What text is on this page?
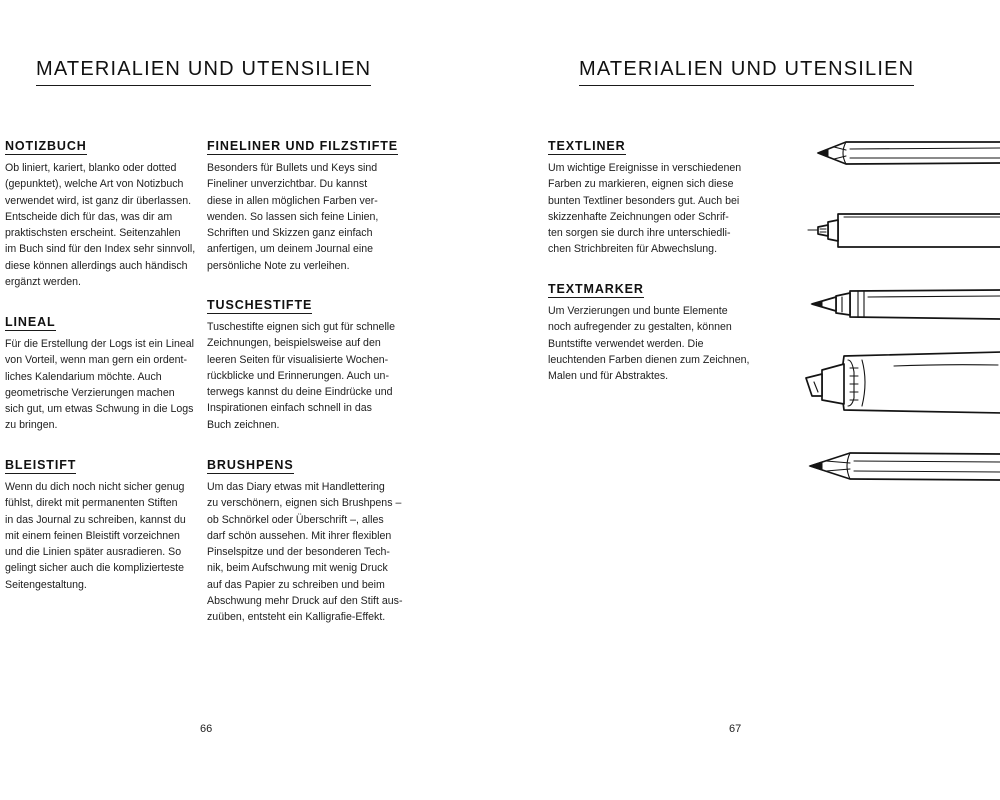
MATERIALIEN UND UTENSILIEN
NOTIZBUCH

Ob liniert, kariert, blanko oder dotted
(gepunktet), welche Art von Notizbuch
verwendet wird, ist ganz dir überlassen.
Entscheide dich für das, was dir am
praktischsten erscheint. Seitenzahlen
im Buch sind für den Index sehr sinnvoll,
diese können allerdings auch händisch
ergänzt werden.

LINEAL

Für die Erstellung der Logs ist ein Lineal
von Vorteil, wenn man gern ein ordent-
liches Kalendarium möchte. Auch
geometrische Verzierungen machen
sich gut, um etwas Schwung in die Logs
zu bringen.

BLEISTIFT

Wenn du dich noch nicht sicher genug
fühlst, direkt mit permanenten Stiften
in das Journal zu schreiben, kannst du
mit einem feinen Bleistift vorzeichnen
und die Linien später ausradieren. So
gelingt sicher auch die komplizierteste
Seitengestaltung.

FINELINER UND FILZSTIFTE

Besonders für Bullets und Keys sind
Fineliner unverzichtbar. Du kannst
diese in allen möglichen Farben ver-
wenden. So lassen sich feine Linien,
Schriften und Skizzen ganz einfach
anfertigen, um deinem Journal eine
persönliche Note zu verleihen.

TUSCHESTIFTE

Tuschestifte eignen sich gut für schnelle
Zeichnungen, beispielsweise auf den
leeren Seiten für visualisierte Wochen-
rückblicke und Erinnerungen. Auch un-
terwegs kannst du deine Eindrücke und
Inspirationen einfach schnell in das
Buch zeichnen.

BRUSHPENS

Um das Diary etwas mit Handlettering
zu verschönern, eignen sich Brushpens –
ob Schnörkel oder Überschrift –, alles
darf schön aussehen. Mit ihrer flexiblen
Pinselspitze und der besonderen Tech-
nik, beim Aufschwung mit wenig Druck
auf das Papier zu schreiben und beim
Abschwung mehr Druck auf den Stift aus-
zuüben, entsteht ein Kalligrafie-Effekt.

66
MATERIALIEN UND UTENSILIEN
TEXTLINER

Um wichtige Ereignisse in verschiedenen
Farben zu markieren, eignen sich diese
bunten Textliner besonders gut. Auch bei
skizzenhafte Zeichnungen oder Schrif-
ten sorgen sie durch ihre unterschiedli-
chen Strichbreiten für Abwechslung.

TEXTMARKER

Um Verzierungen und bunte Elemente
noch aufregender zu gestalten, können
Buntstifte verwendet werden. Die
leuchtenden Farben dienen zum Zeichnen,
Malen und für Abstraktes.

67
